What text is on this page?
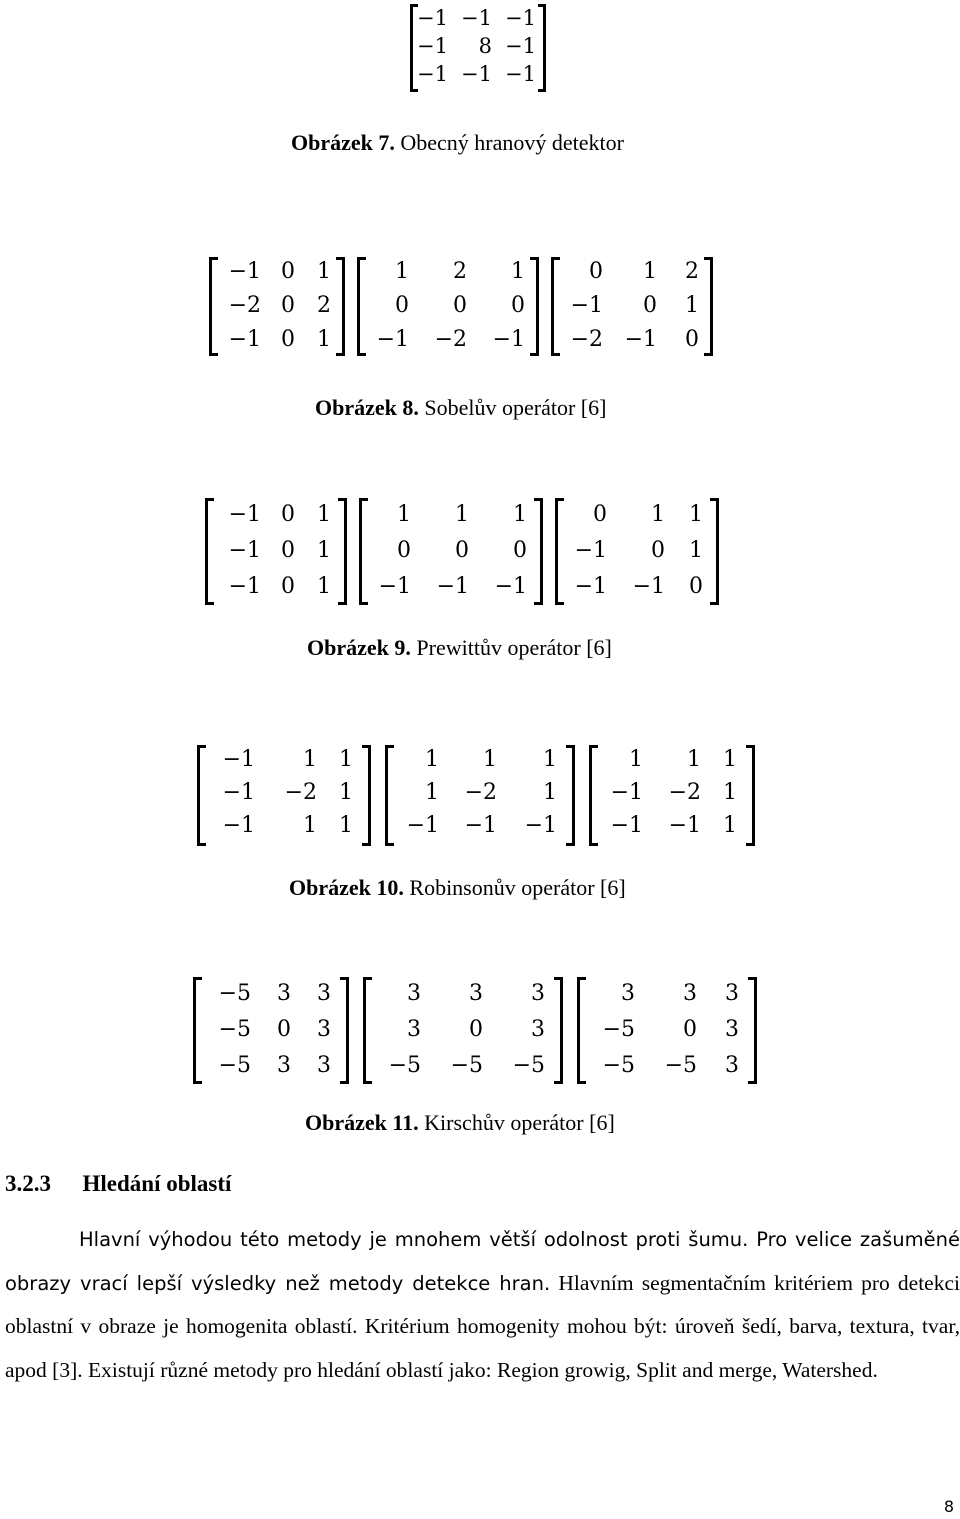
−1 −1 −1
−1	8 −1
−1 −1 −1
Obrázek 7. Obecný hranový detektor
−1 0	1
−2 0	2
−1 0	1
1	2	1
0	0	0
−1	−2	−1
0	1	2
−1	0	1
−2 −1	0
Obrázek 8. Sobelův operátor [6]
−1 0	1
−1 0	1
−1 0	1
1	1	1
0	0	0
−1	−1	−1
0	1	1
−1	0	1
−1	−1	0
Obrázek 9. Prewittův operátor [6]
−1	1	1
−1	−2	1
−1	1	1
1	1	1
1	−2	1
−1	−1	−1
1	1	1
−1	−2	1
−1	−1	1
Obrázek 10. Robinsonův operátor [6]
−5	3	3
−5	0	3
−5	3	3
3	3	3
3	0	3
−5	−5	−5
3	3	3
−5	0	3
−5	−5	3
Obrázek 11. Kirschův operátor [6]
3.2.3 Hledání oblastí
Hlavní výhodou této metody je mnohem větší odolnost proti šumu. Pro velice zašuměné obrazy vrací lepší výsledky než metody detekce hran. Hlavním segmentačním kritériem pro detekci oblastní v obraze je homogenita oblastí. Kritérium homogenity mohou být: úroveň šedí, barva, textura, tvar, apod [3]. Existují různé metody pro hledání oblastí jako: Region growig, Split and merge, Watershed.
8
